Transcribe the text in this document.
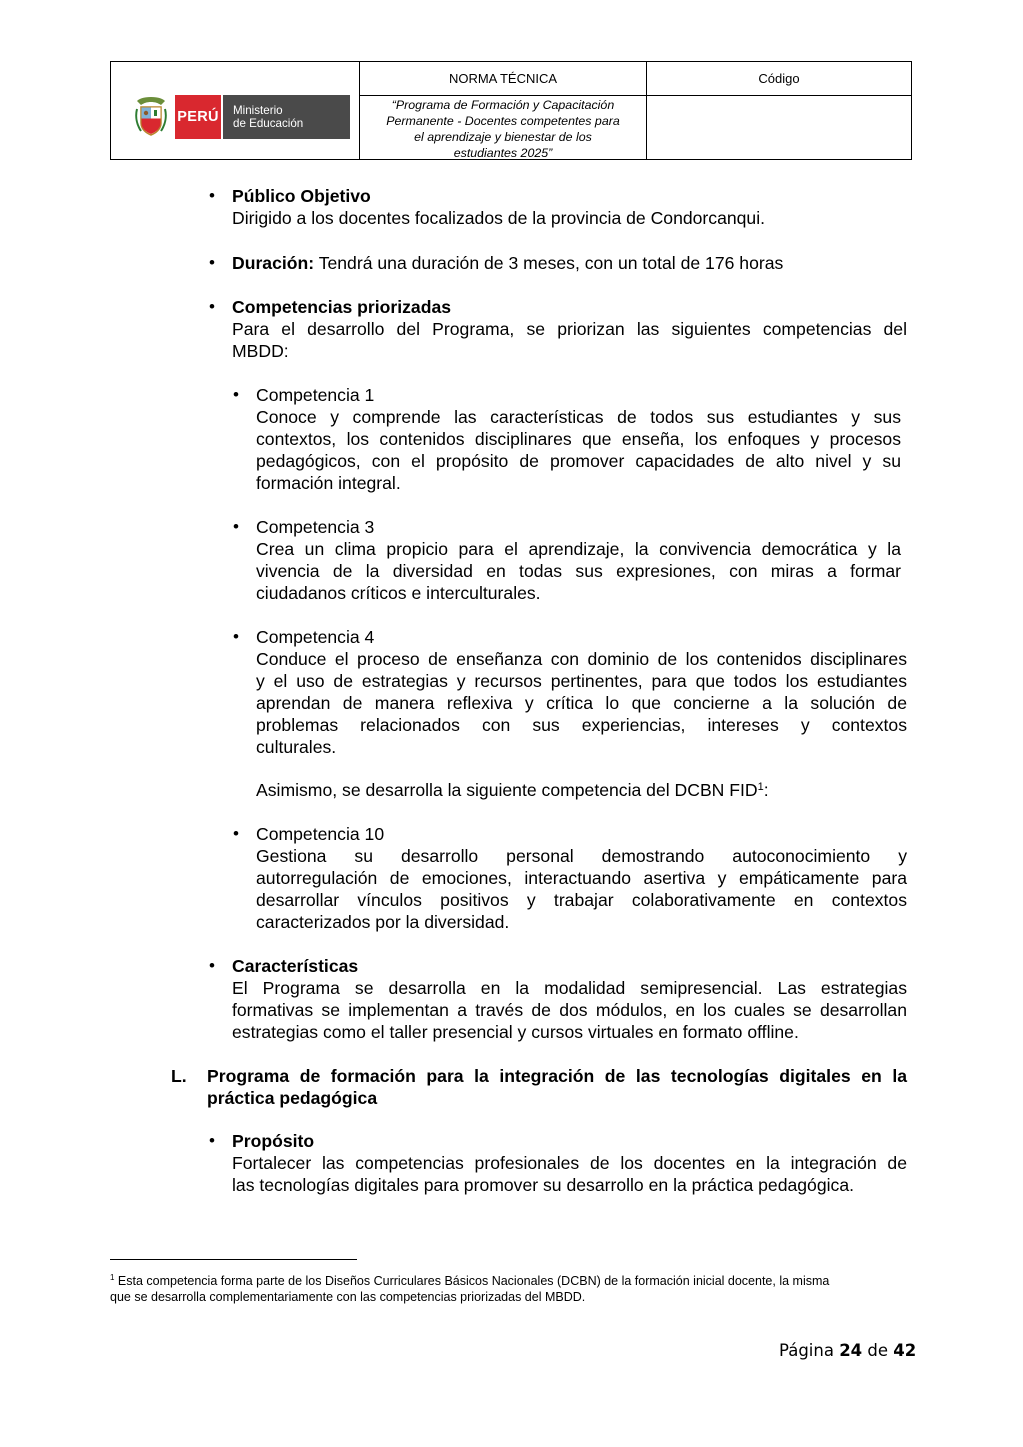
PERÚ Ministerio
de Educación
NORMA TÉCNICA
“Programa de Formación y Capacitación
Permanente - Docentes competentes para
el aprendizaje y bienestar de los
estudiantes 2025”
Código
• Público Objetivo
Dirigido a los docentes focalizados de la provincia de Condorcanqui.
• Duración: Tendrá una duración de 3 meses, con un total de 176 horas
• Competencias priorizadas
Para el desarrollo del Programa, se priorizan las siguientes competencias del
MBDD:
• Competencia 1
Conoce y comprende las características de todos sus estudiantes y sus
contextos, los contenidos disciplinares que enseña, los enfoques y procesos
pedagógicos, con el propósito de promover capacidades de alto nivel y su
formación integral.
• Competencia 3
Crea un clima propicio para el aprendizaje, la convivencia democrática y la
vivencia de la diversidad en todas sus expresiones, con miras a formar
ciudadanos críticos e interculturales.
• Competencia 4
Conduce el proceso de enseñanza con dominio de los contenidos disciplinares
y el uso de estrategias y recursos pertinentes, para que todos los estudiantes
aprendan de manera reflexiva y crítica lo que concierne a la solución de
problemas relacionados con sus experiencias, intereses y contextos
culturales.
Asimismo, se desarrolla la siguiente competencia del DCBN FID$^1$:
• Competencia 10
Gestiona su desarrollo personal demostrando autoconocimiento y
autorregulación de emociones, interactuando asertiva y empáticamente para
desarrollar vínculos positivos y trabajar colaborativamente en contextos
caracterizados por la diversidad.
• Características
El Programa se desarrolla en la modalidad semipresencial. Las estrategias
formativas se implementan a través de dos módulos, en los cuales se desarrollan
estrategias como el taller presencial y cursos virtuales en formato offline.
L. Programa de formación para la integración de las tecnologías digitales en la
práctica pedagógica
• Propósito
Fortalecer las competencias profesionales de los docentes en la integración de
las tecnologías digitales para promover su desarrollo en la práctica pedagógica.
$^1$ Esta competencia forma parte de los Diseños Curriculares Básicos Nacionales (DCBN) de la formación inicial docente, la misma
que se desarrolla complementariamente con las competencias priorizadas del MBDD.
Página 24 de 42
